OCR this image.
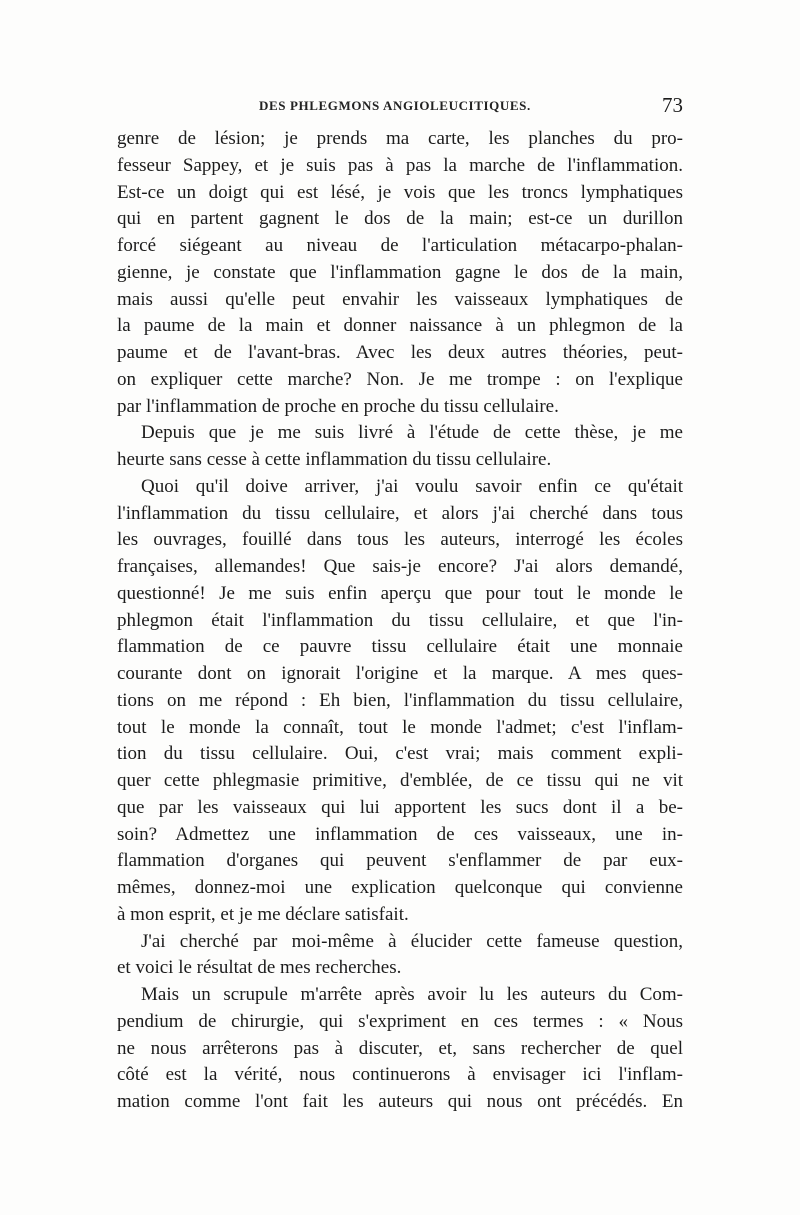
DES PHLEGMONS ANGIOLEUCITIQUES.	73
genre de lésion; je prends ma carte, les planches du pro-
fesseur Sappey, et je suis pas à pas la marche de l'inflammation.
Est-ce un doigt qui est lésé, je vois que les troncs lymphatiques
qui en partent gagnent le dos de la main; est-ce un durillon
forcé siégeant au niveau de l'articulation métacarpo-phalan-
gienne, je constate que l'inflammation gagne le dos de la main,
mais aussi qu'elle peut envahir les vaisseaux lymphatiques de
la paume de la main et donner naissance à un phlegmon de la
paume et de l'avant-bras. Avec les deux autres théories, peut-
on expliquer cette marche? Non. Je me trompe : on l'explique
par l'inflammation de proche en proche du tissu cellulaire.
Depuis que je me suis livré à l'étude de cette thèse, je me
heurte sans cesse à cette inflammation du tissu cellulaire.
Quoi qu'il doive arriver, j'ai voulu savoir enfin ce qu'était
l'inflammation du tissu cellulaire, et alors j'ai cherché dans tous
les ouvrages, fouillé dans tous les auteurs, interrogé les écoles
françaises, allemandes! Que sais-je encore? J'ai alors demandé,
questionné! Je me suis enfin aperçu que pour tout le monde le
phlegmon était l'inflammation du tissu cellulaire, et que l'in-
flammation de ce pauvre tissu cellulaire était une monnaie
courante dont on ignorait l'origine et la marque. A mes ques-
tions on me répond : Eh bien, l'inflammation du tissu cellulaire,
tout le monde la connaît, tout le monde l'admet; c'est l'inflam-
tion du tissu cellulaire. Oui, c'est vrai; mais comment expli-
quer cette phlegmasie primitive, d'emblée, de ce tissu qui ne vit
que par les vaisseaux qui lui apportent les sucs dont il a be-
soin? Admettez une inflammation de ces vaisseaux, une in-
flammation d'organes qui peuvent s'enflammer de par eux-
mêmes, donnez-moi une explication quelconque qui convienne
à mon esprit, et je me déclare satisfait.
J'ai cherché par moi-même à élucider cette fameuse question,
et voici le résultat de mes recherches.
Mais un scrupule m'arrête après avoir lu les auteurs du Com-
pendium de chirurgie, qui s'expriment en ces termes : « Nous
ne nous arrêterons pas à discuter, et, sans rechercher de quel
côté est la vérité, nous continuerons à envisager ici l'inflam-
mation comme l'ont fait les auteurs qui nous ont précédés. En
